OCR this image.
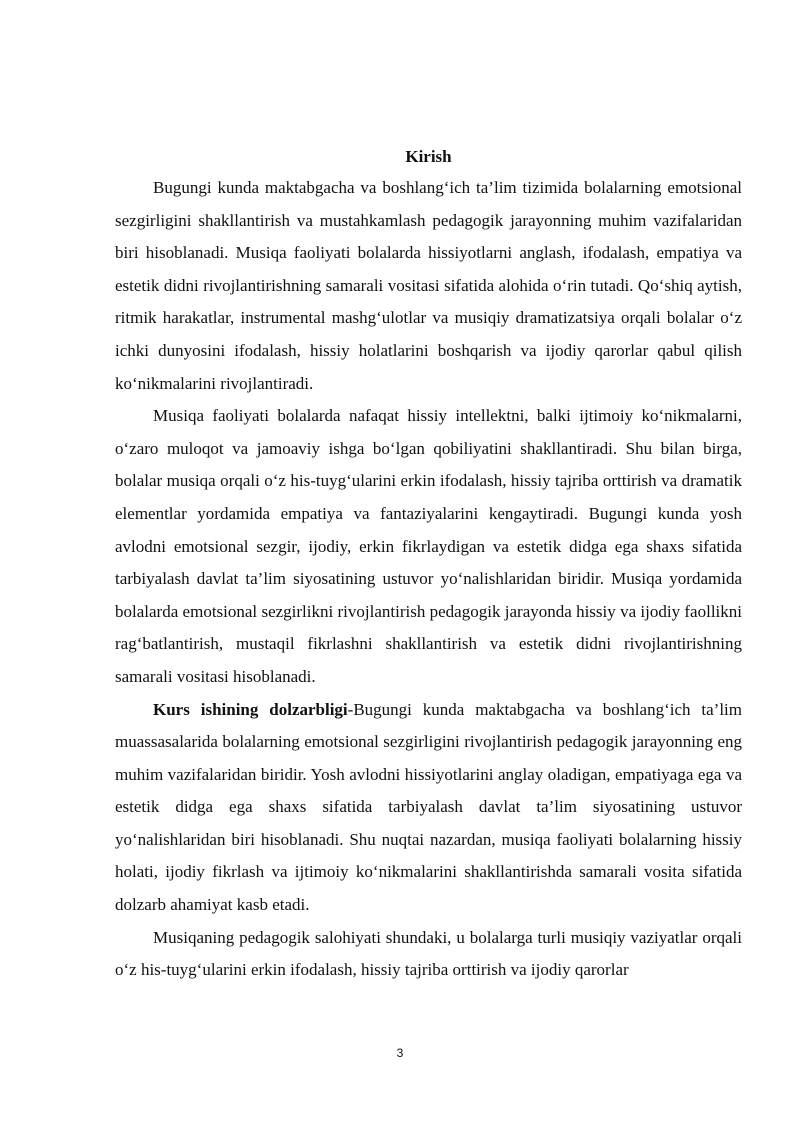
Kirish

Bugungi kunda maktabgacha va boshlang‘ich ta’lim tizimida bolalarning emotsional sezgirligini shakllantirish va mustahkamlash pedagogik jarayonning muhim vazifalaridan biri hisoblanadi. Musiqa faoliyati bolalarda hissiyotlarni anglash, ifodalash, empatiya va estetik didni rivojlantirishning samarali vositasi sifatida alohida o‘rin tutadi. Qo‘shiq aytish, ritmik harakatlar, instrumental mashg‘ulotlar va musiqiy dramatizatsiya orqali bolalar o‘z ichki dunyosini ifodalash, hissiy holatlarini boshqarish va ijodiy qarorlar qabul qilish ko‘nikmalarini rivojlantiradi.

Musiqa faoliyati bolalarda nafaqat hissiy intellektni, balki ijtimoiy ko‘nikmalarni, o‘zaro muloqot va jamoaviy ishga bo‘lgan qobiliyatini shakllantiradi. Shu bilan birga, bolalar musiqa orqali o‘z his-tuyg‘ularini erkin ifodalash, hissiy tajriba orttirish va dramatik elementlar yordamida empatiya va fantaziyalarini kengaytiradi. Bugungi kunda yosh avlodni emotsional sezgir, ijodiy, erkin fikrlaydigan va estetik didga ega shaxs sifatida tarbiyalash davlat ta’lim siyosatining ustuvor yo‘nalishlaridan biridir. Musiqa yordamida bolalarda emotsional sezgirlikni rivojlantirish pedagogik jarayonda hissiy va ijodiy faollikni rag‘batlantirish, mustaqil fikrlashni shakllantirish va estetik didni rivojlantirishning samarali vositasi hisoblanadi.

Kurs ishining dolzarbligi-Bugungi kunda maktabgacha va boshlang‘ich ta’lim muassasalarida bolalarning emotsional sezgirligini rivojlantirish pedagogik jarayonning eng muhim vazifalaridan biridir. Yosh avlodni hissiyotlarini anglay oladigan, empatiyaga ega va estetik didga ega shaxs sifatida tarbiyalash davlat ta’lim siyosatining ustuvor yo‘nalishlaridan biri hisoblanadi. Shu nuqtai nazardan, musiqa faoliyati bolalarning hissiy holati, ijodiy fikrlash va ijtimoiy ko‘nikmalarini shakllantirishda samarali vosita sifatida dolzarb ahamiyat kasb etadi.

Musiqaning pedagogik salohiyati shundaki, u bolalarga turli musiqiy vaziyatlar orqali o‘z his-tuyg‘ularini erkin ifodalash, hissiy tajriba orttirish va ijodiy qarorlar

3
